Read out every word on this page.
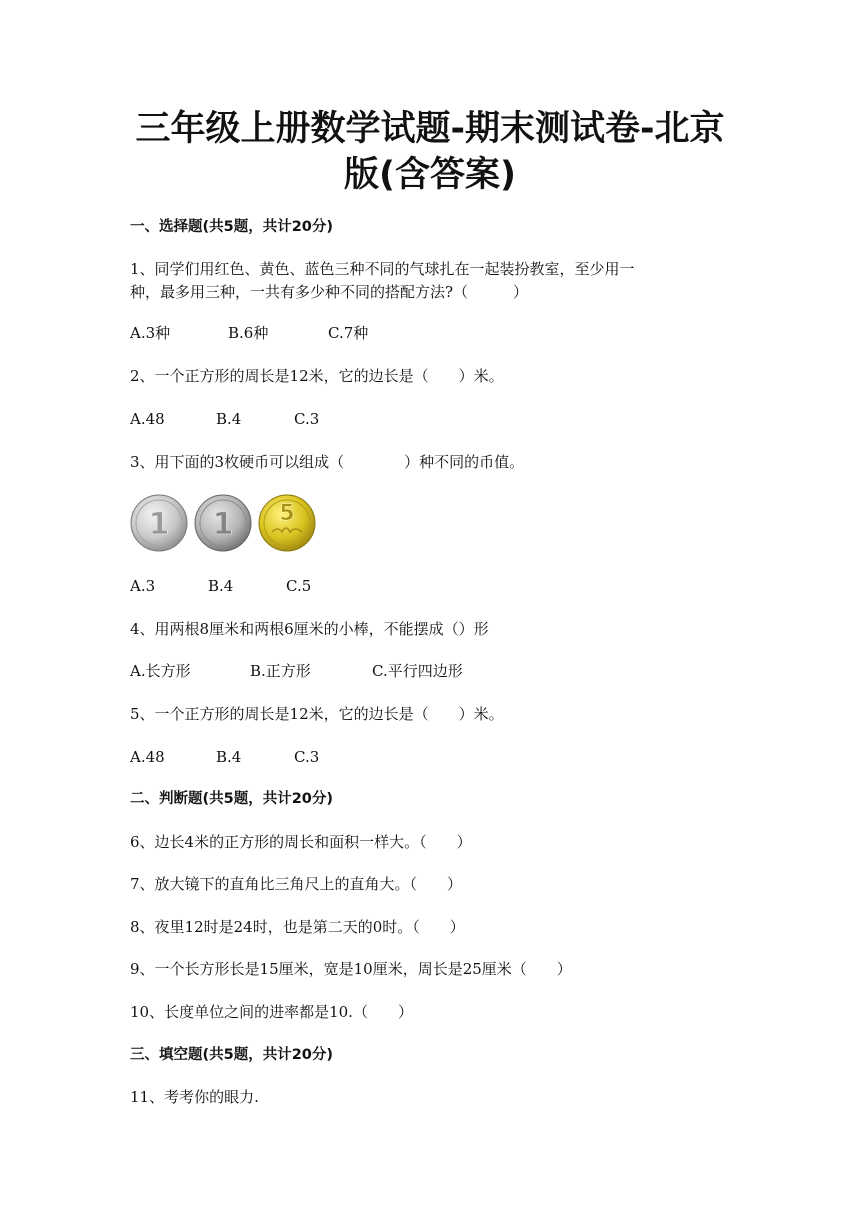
三年级上册数学试题-期末测试卷-北京
版(含答案)

一、选择题(共5题，共计20分)

1、同学们用红色、黄色、蓝色三种不同的气球扎在一起装扮教室，至少用一

种，最多用三种，一共有多少种不同的搭配方法?（　　　）

A.3种	B.6种	C.7种

2、一个正方形的周长是12米，它的边长是（　　）米。

A.48	B.4	C.3

3、用下面的3枚硬币可以组成（　　　　）种不同的币值。

1 1 5

A.3	B.4	C.5

4、用两根8厘米和两根6厘米的小棒，不能摆成（）形

A.长方形	B.正方形	C.平行四边形

5、一个正方形的周长是12米，它的边长是（　　）米。

A.48	B.4	C.3

二、判断题(共5题，共计20分)

6、边长4米的正方形的周长和面积一样大。（　　）

7、放大镜下的直角比三角尺上的直角大。（　　）

8、夜里12时是24时，也是第二天的0时。（　　）

9、一个长方形长是15厘米，宽是10厘米，周长是25厘米（　　）

10、长度单位之间的进率都是10.（　　）

三、填空题(共5题，共计20分)

11、考考你的眼力.
